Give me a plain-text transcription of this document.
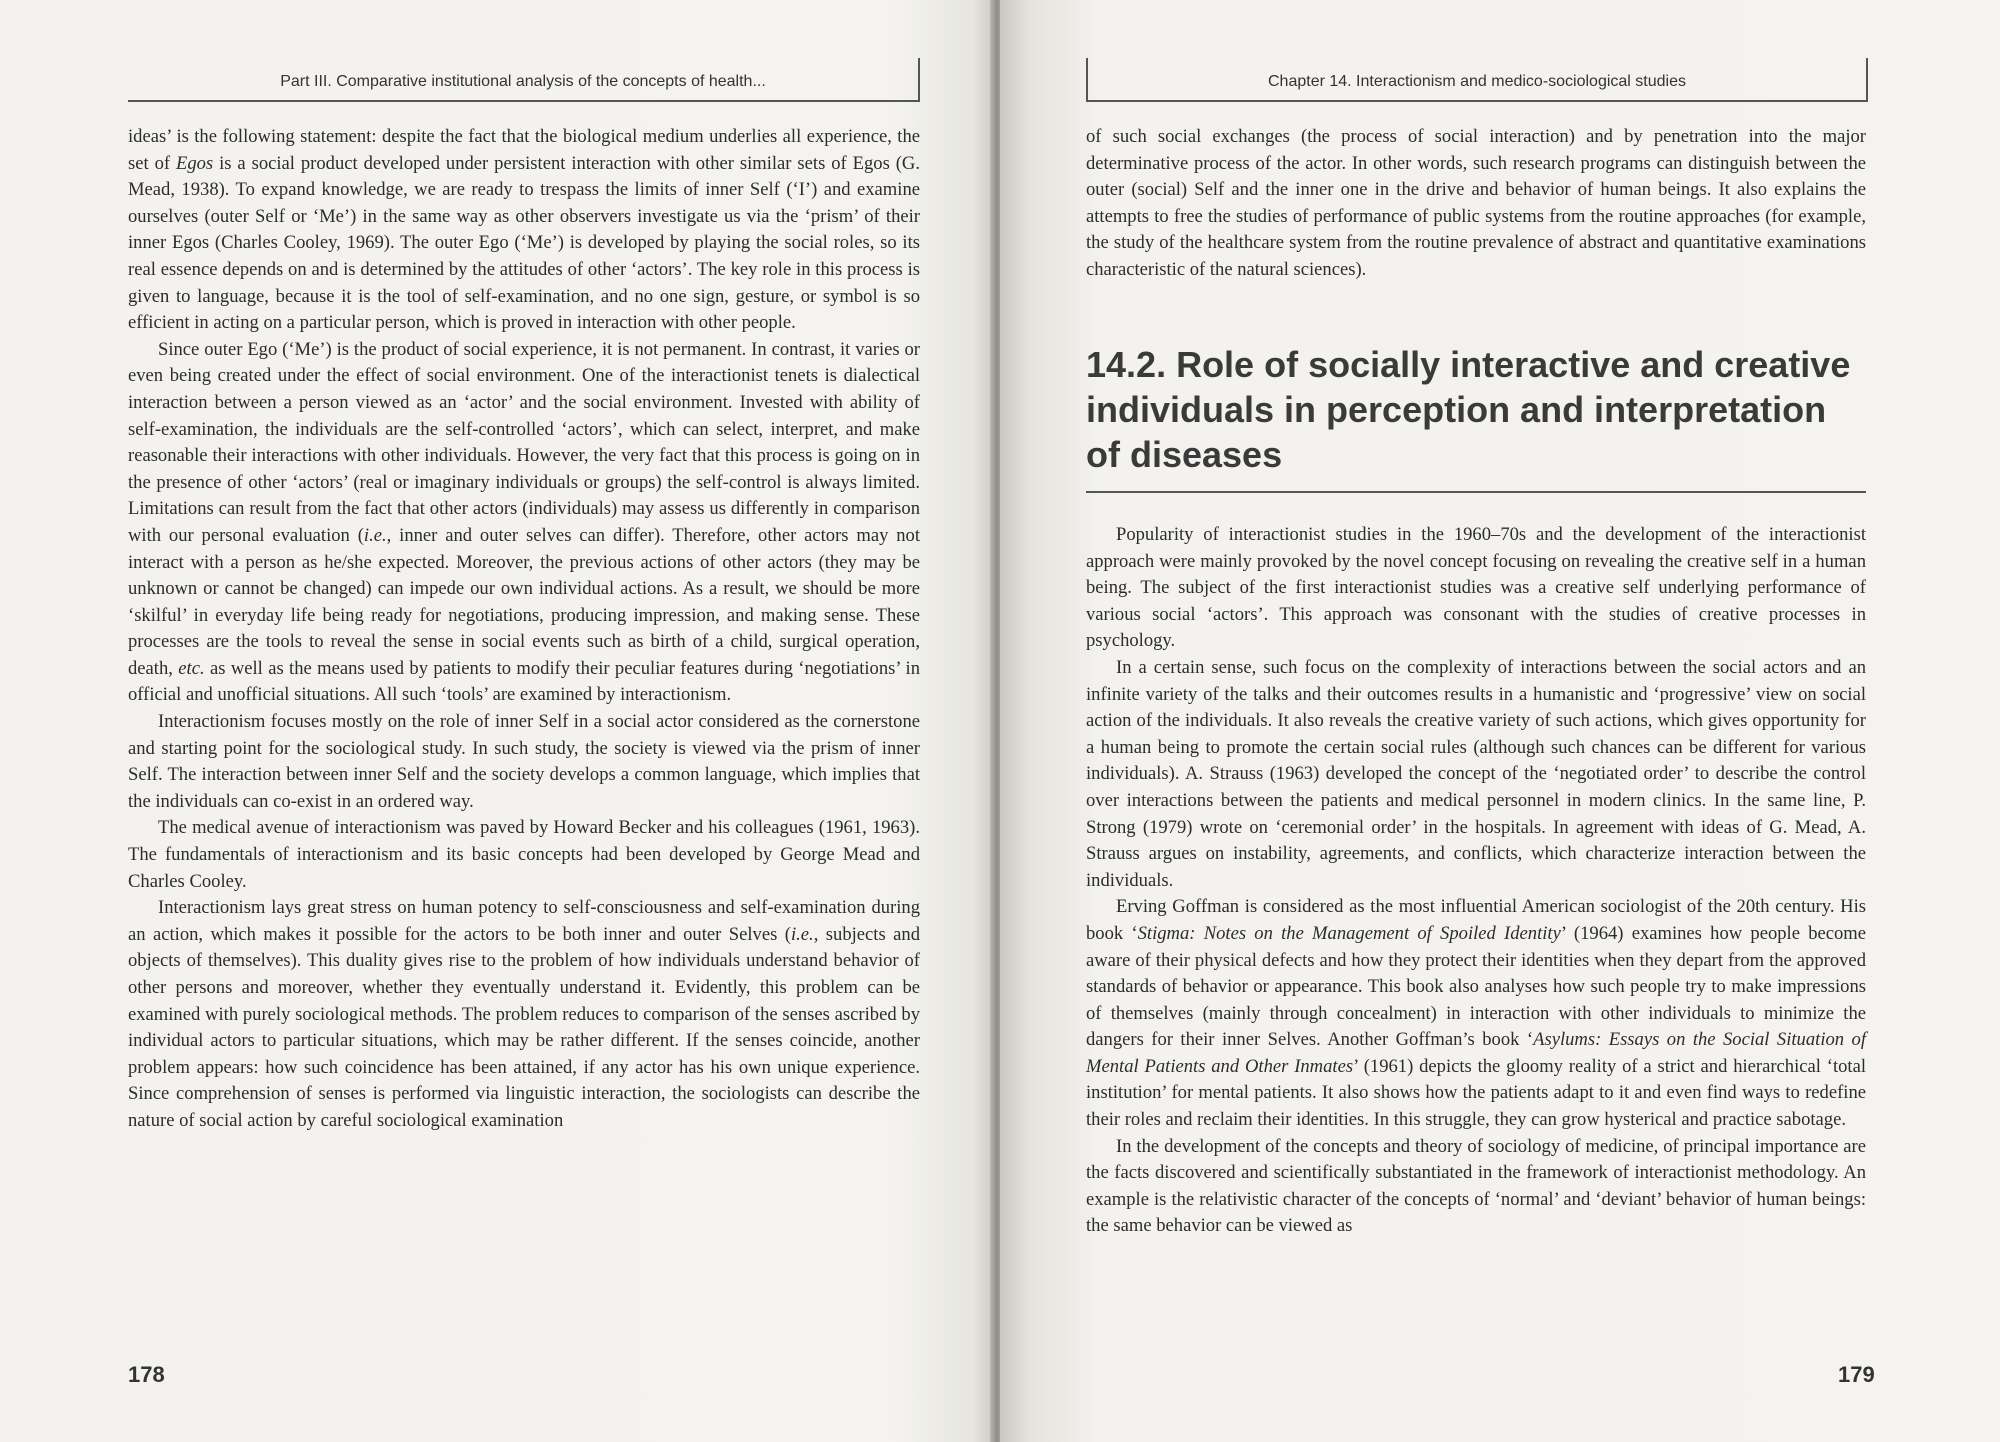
Part III. Comparative institutional analysis of the concepts of health...

ideas’ is the following statement: despite the fact that the biological medium underlies all experience, the set of Egos is a social product developed under persistent interaction with other similar sets of Egos (G. Mead, 1938). To expand knowledge, we are ready to trespass the limits of inner Self (‘I’) and examine ourselves (outer Self or ‘Me’) in the same way as other observers investigate us via the ‘prism’ of their inner Egos (Charles Cooley, 1969). The outer Ego (‘Me’) is developed by playing the social roles, so its real essence depends on and is determined by the attitudes of other ‘actors’. The key role in this process is given to language, because it is the tool of self-examination, and no one sign, gesture, or symbol is so efficient in acting on a particular person, which is proved in interaction with other people.

Since outer Ego (‘Me’) is the product of social experience, it is not permanent. In contrast, it varies or even being created under the effect of social environment. One of the interactionist tenets is dialectical interaction between a person viewed as an ‘actor’ and the social environment. Invested with ability of self-examination, the individuals are the self-controlled ‘actors’, which can select, interpret, and make reasonable their interactions with other individuals. However, the very fact that this process is going on in the presence of other ‘actors’ (real or imaginary individuals or groups) the self-control is always limited. Limitations can result from the fact that other actors (individuals) may assess us differently in comparison with our personal evaluation (i.e., inner and outer selves can differ). Therefore, other actors may not interact with a person as he/she expected. Moreover, the previous actions of other actors (they may be unknown or cannot be changed) can impede our own individual actions. As a result, we should be more ‘skilful’ in everyday life being ready for negotiations, producing impression, and making sense. These processes are the tools to reveal the sense in social events such as birth of a child, surgical operation, death, etc. as well as the means used by patients to modify their peculiar features during ‘negotiations’ in official and unofficial situations. All such ‘tools’ are examined by interactionism.

Interactionism focuses mostly on the role of inner Self in a social actor considered as the cornerstone and starting point for the sociological study. In such study, the society is viewed via the prism of inner Self. The interaction between inner Self and the society develops a common language, which implies that the individuals can co-exist in an ordered way.

The medical avenue of interactionism was paved by Howard Becker and his colleagues (1961, 1963). The fundamentals of interactionism and its basic concepts had been developed by George Mead and Charles Cooley.

Interactionism lays great stress on human potency to self-consciousness and self-examination during an action, which makes it possible for the actors to be both inner and outer Selves (i.e., subjects and objects of themselves). This duality gives rise to the problem of how individuals understand behavior of other persons and moreover, whether they eventually understand it. Evidently, this problem can be examined with purely sociological methods. The problem reduces to comparison of the senses ascribed by individual actors to particular situations, which may be rather different. If the senses coincide, another problem appears: how such coincidence has been attained, if any actor has his own unique experience. Since comprehension of senses is performed via linguistic interaction, the sociologists can describe the nature of social action by careful sociological examination

178
Chapter 14. Interactionism and medico-sociological studies

of such social exchanges (the process of social interaction) and by penetration into the major determinative process of the actor. In other words, such research programs can distinguish between the outer (social) Self and the inner one in the drive and behavior of human beings. It also explains the attempts to free the studies of performance of public systems from the routine approaches (for example, the study of the healthcare system from the routine prevalence of abstract and quantitative examinations characteristic of the natural sciences).

14.2. Role of socially interactive and creative individuals in perception and interpretation of diseases

Popularity of interactionist studies in the 1960–70s and the development of the interactionist approach were mainly provoked by the novel concept focusing on revealing the creative self in a human being. The subject of the first interactionist studies was a creative self underlying performance of various social ‘actors’. This approach was consonant with the studies of creative processes in psychology.

In a certain sense, such focus on the complexity of interactions between the social actors and an infinite variety of the talks and their outcomes results in a humanistic and ‘progressive’ view on social action of the individuals. It also reveals the creative variety of such actions, which gives opportunity for a human being to promote the certain social rules (although such chances can be different for various individuals). A. Strauss (1963) developed the concept of the ‘negotiated order’ to describe the control over interactions between the patients and medical personnel in modern clinics. In the same line, P. Strong (1979) wrote on ‘ceremonial order’ in the hospitals. In agreement with ideas of G. Mead, A. Strauss argues on instability, agreements, and conflicts, which characterize interaction between the individuals.

Erving Goffman is considered as the most influential American sociologist of the 20th century. His book ‘Stigma: Notes on the Management of Spoiled Identity’ (1964) examines how people become aware of their physical defects and how they protect their identities when they depart from the approved standards of behavior or appearance. This book also analyses how such people try to make impressions of themselves (mainly through concealment) in interaction with other individuals to minimize the dangers for their inner Selves. Another Goffman’s book ‘Asylums: Essays on the Social Situation of Mental Patients and Other Inmates’ (1961) depicts the gloomy reality of a strict and hierarchical ‘total institution’ for mental patients. It also shows how the patients adapt to it and even find ways to redefine their roles and reclaim their identities. In this struggle, they can grow hysterical and practice sabotage.

In the development of the concepts and theory of sociology of medicine, of principal importance are the facts discovered and scientifically substantiated in the framework of interactionist methodology. An example is the relativistic character of the concepts of ‘normal’ and ‘deviant’ behavior of human beings: the same behavior can be viewed as

179
